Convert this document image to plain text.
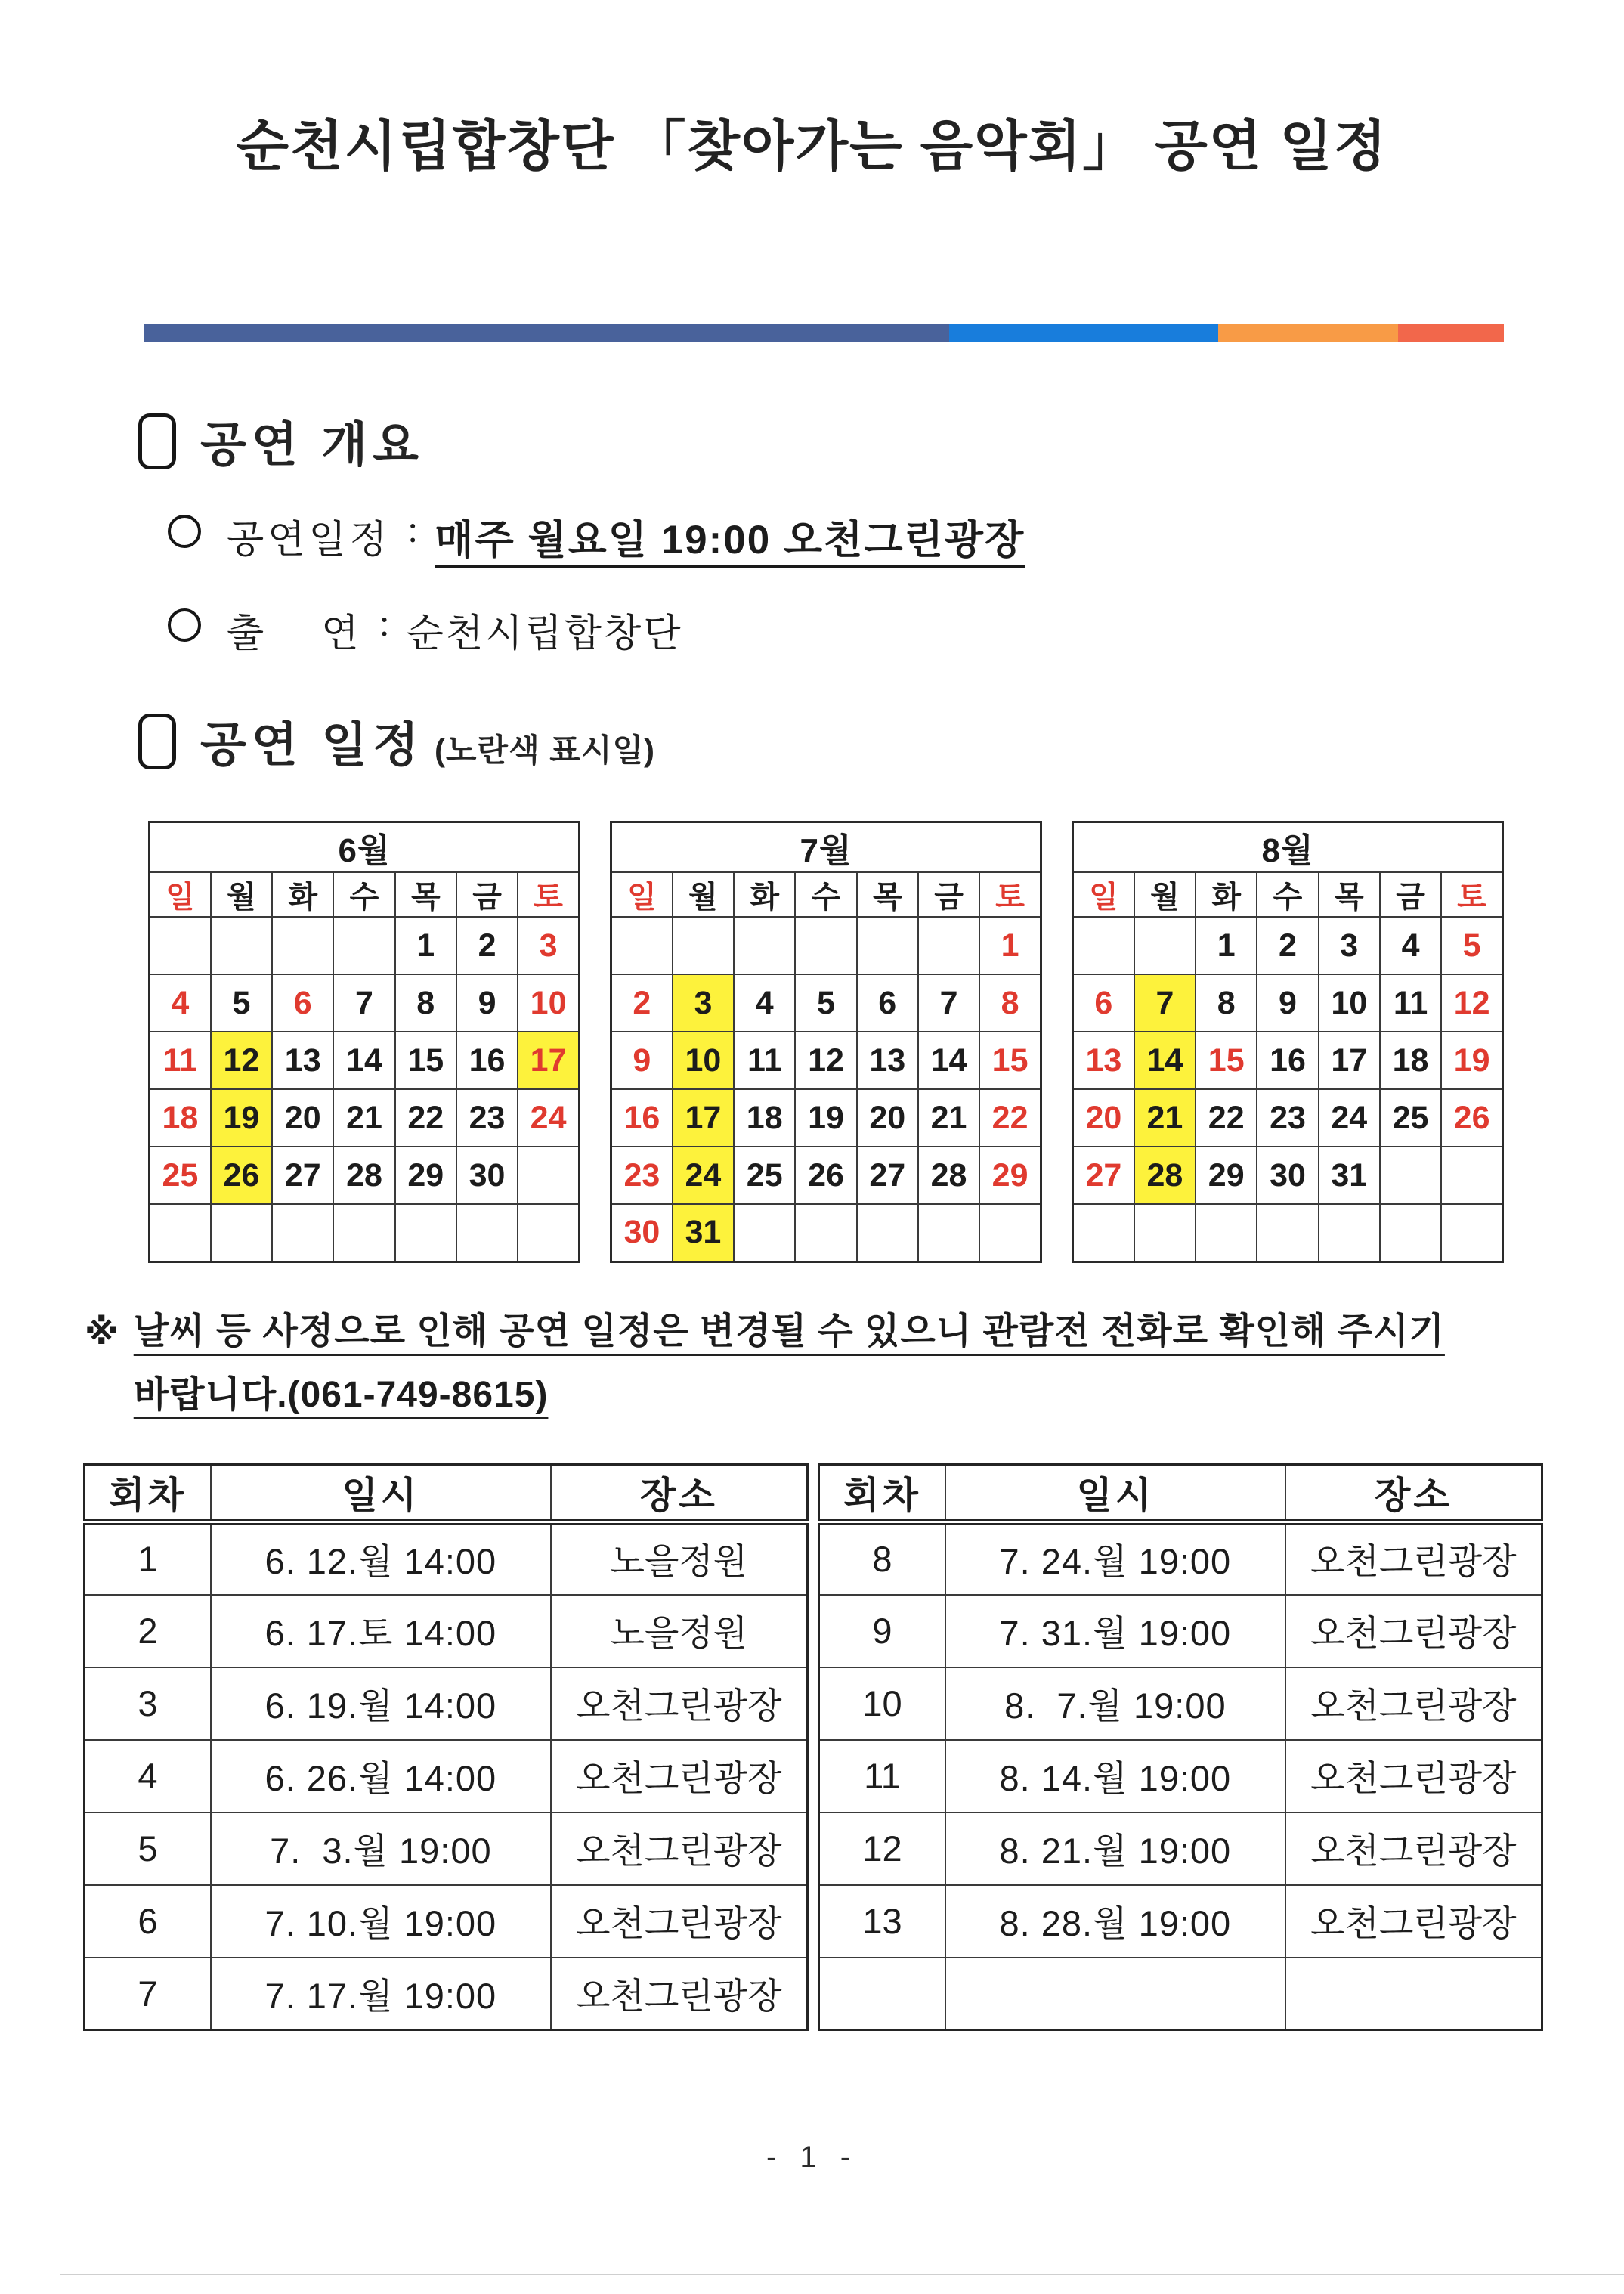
순천시립합창단 「찾아가는 음악회」 공연 일정
공연 개요
공연일정 : 매주 월요일 19:00 오천그린광장
출    연 : 순천시립합창단
공연 일정 (노란색 표시일)
6월						
일	월	화	수	목	금	토
				1	2	3
4	5	6	7	8	9	10
11	12	13	14	15	16	17
18	19	20	21	22	23	24
25	26	27	28	29	30	

7월						
일	월	화	수	목	금	토
						1
2	3	4	5	6	7	8
9	10	11	12	13	14	15
16	17	18	19	20	21	22
23	24	25	26	27	28	29
30	31					
8월						
일	월	화	수	목	금	토
		1	2	3	4	5
6	7	8	9	10	11	12
13	14	15	16	17	18	19
20	21	22	23	24	25	26
27	28	29	30	31		

※ 날씨 등 사정으로 인해 공연 일정은 변경될 수 있으니 관람전 전화로 확인해 주시기
바랍니다.(061-749-8615)
회차	일시	장소
1	6. 12.월 14:00	노을정원
2	6. 17.토 14:00	노을정원
3	6. 19.월 14:00	오천그린광장
4	6. 26.월 14:00	오천그린광장
5	7.  3.월 19:00	오천그린광장
6	7. 10.월 19:00	오천그린광장
7	7. 17.월 19:00	오천그린광장
회차	일시	장소
8	7. 24.월 19:00	오천그린광장
9	7. 31.월 19:00	오천그린광장
10	8.  7.월 19:00	오천그린광장
11	8. 14.월 19:00	오천그린광장
12	8. 21.월 19:00	오천그린광장
13	8. 28.월 19:00	오천그린광장

- 1 -
